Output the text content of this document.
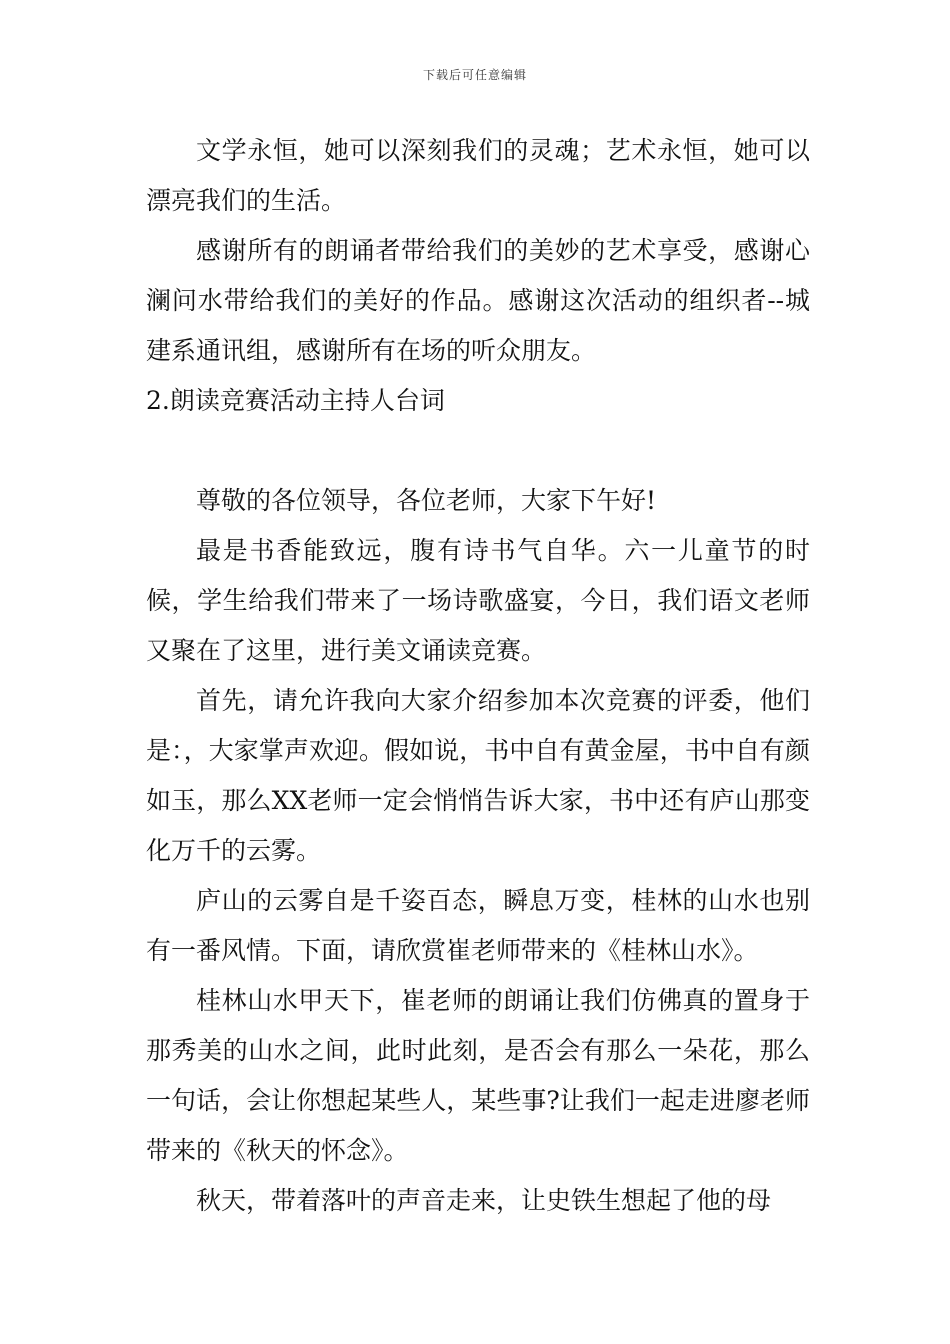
下载后可任意编辑

文学永恒，她可以深刻我们的灵魂；艺术永恒，她可以漂亮我们的生活。

感谢所有的朗诵者带给我们的美妙的艺术享受，感谢心澜问水带给我们的美好的作品。感谢这次活动的组织者--城建系通讯组，感谢所有在场的听众朋友。

2.朗读竞赛活动主持人台词

尊敬的各位领导，各位老师，大家下午好!

最是书香能致远，腹有诗书气自华。六一儿童节的时候，学生给我们带来了一场诗歌盛宴，今日，我们语文老师又聚在了这里，进行美文诵读竞赛。

首先，请允许我向大家介绍参加本次竞赛的评委，他们是：，大家掌声欢迎。假如说，书中自有黄金屋，书中自有颜如玉，那么XX老师一定会悄悄告诉大家，书中还有庐山那变化万千的云雾。

庐山的云雾自是千姿百态，瞬息万变，桂林的山水也别有一番风情。下面，请欣赏崔老师带来的《桂林山水》。

桂林山水甲天下，崔老师的朗诵让我们仿佛真的置身于那秀美的山水之间，此时此刻，是否会有那么一朵花，那么一句话，会让你想起某些人，某些事?让我们一起走进廖老师带来的《秋天的怀念》。

秋天，带着落叶的声音走来，让史铁生想起了他的母
